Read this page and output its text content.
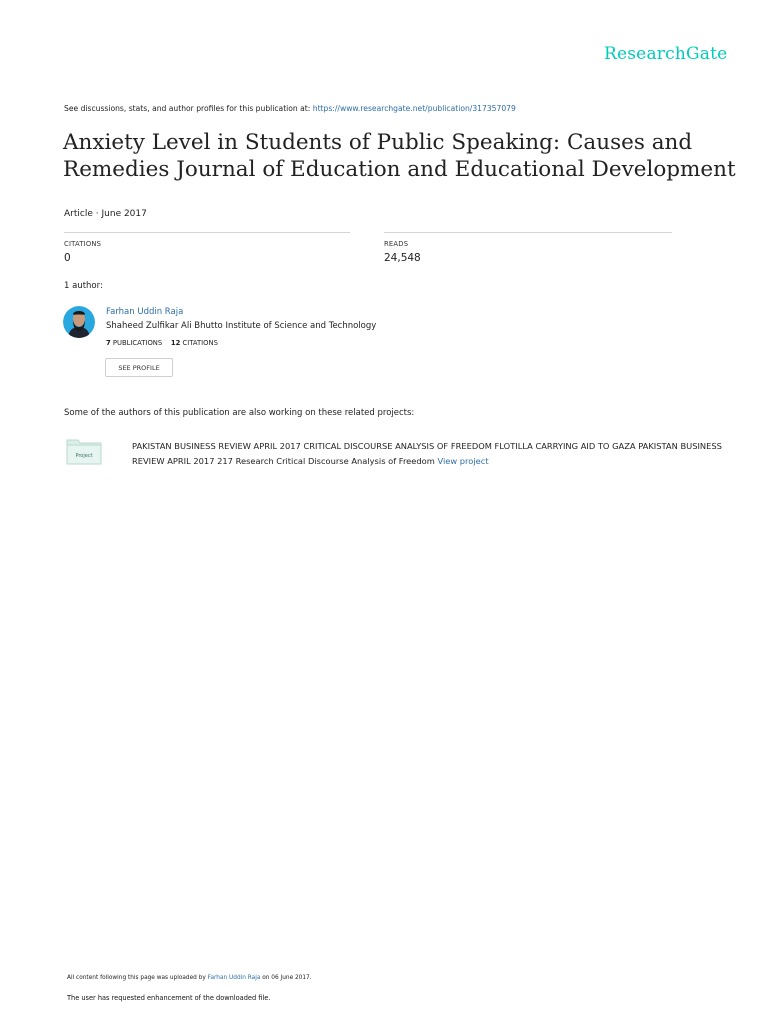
ResearchGate
See discussions, stats, and author profiles for this publication at: https://www.researchgate.net/publication/317357079
Anxiety Level in Students of Public Speaking: Causes and Remedies Journal of Education and Educational Development
Article · June 2017
CITATIONS
0
READS
24,548
1 author:
Farhan Uddin Raja
Shaheed Zulfikar Ali Bhutto Institute of Science and Technology
7 PUBLICATIONS 12 CITATIONS
SEE PROFILE
Some of the authors of this publication are also working on these related projects:
Project
PAKISTAN BUSINESS REVIEW APRIL 2017 CRITICAL DISCOURSE ANALYSIS OF FREEDOM FLOTILLA CARRYING AID TO GAZA PAKISTAN BUSINESS REVIEW APRIL 2017 217 Research Critical Discourse Analysis of Freedom View project
All content following this page was uploaded by Farhan Uddin Raja on 06 June 2017.
The user has requested enhancement of the downloaded file.
